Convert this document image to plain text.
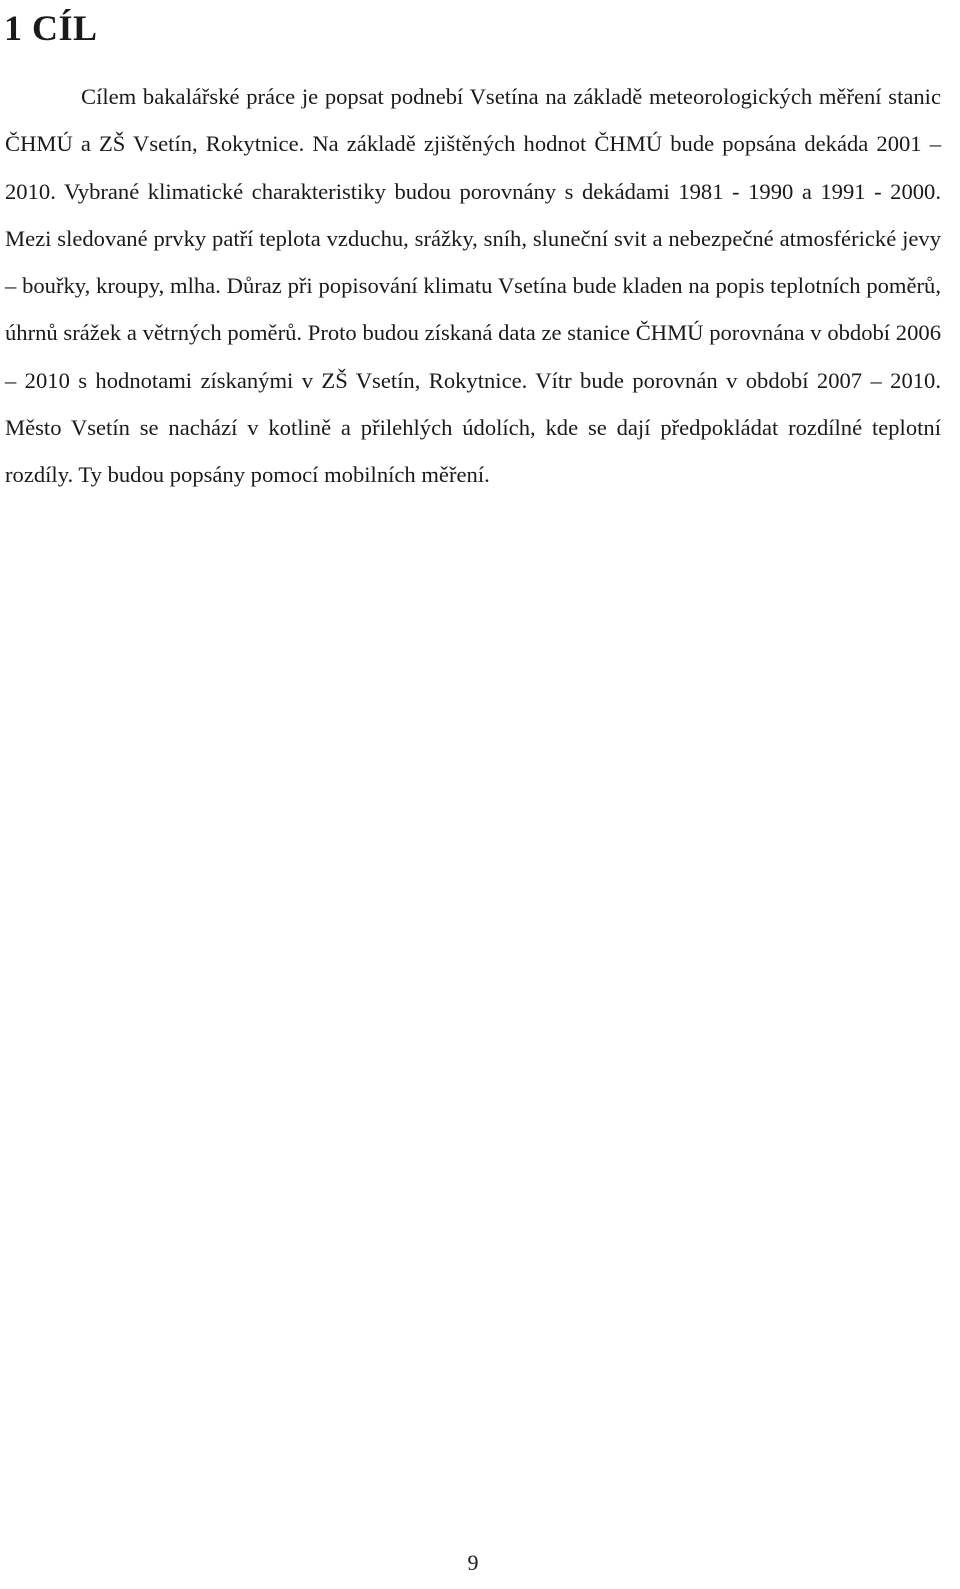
1 CÍL

Cílem bakalářské práce je popsat podnebí Vsetína na základě meteorologických měření stanic ČHMÚ a ZŠ Vsetín, Rokytnice. Na základě zjištěných hodnot ČHMÚ bude popsána dekáda 2001 – 2010. Vybrané klimatické charakteristiky budou porovnány s dekádami 1981 - 1990 a 1991 - 2000. Mezi sledované prvky patří teplota vzduchu, srážky, sníh, sluneční svit a nebezpečné atmosférické jevy – bouřky, kroupy, mlha. Důraz při popisování klimatu Vsetína bude kladen na popis teplotních poměrů, úhrnů srážek a větrných poměrů. Proto budou získaná data ze stanice ČHMÚ porovnána v období 2006 – 2010 s hodnotami získanými v ZŠ Vsetín, Rokytnice. Vítr bude porovnán v období 2007 – 2010. Město Vsetín se nachází v kotlině a přilehlých údolích, kde se dají předpokládat rozdílné teplotní rozdíly. Ty budou popsány pomocí mobilních měření.

9
